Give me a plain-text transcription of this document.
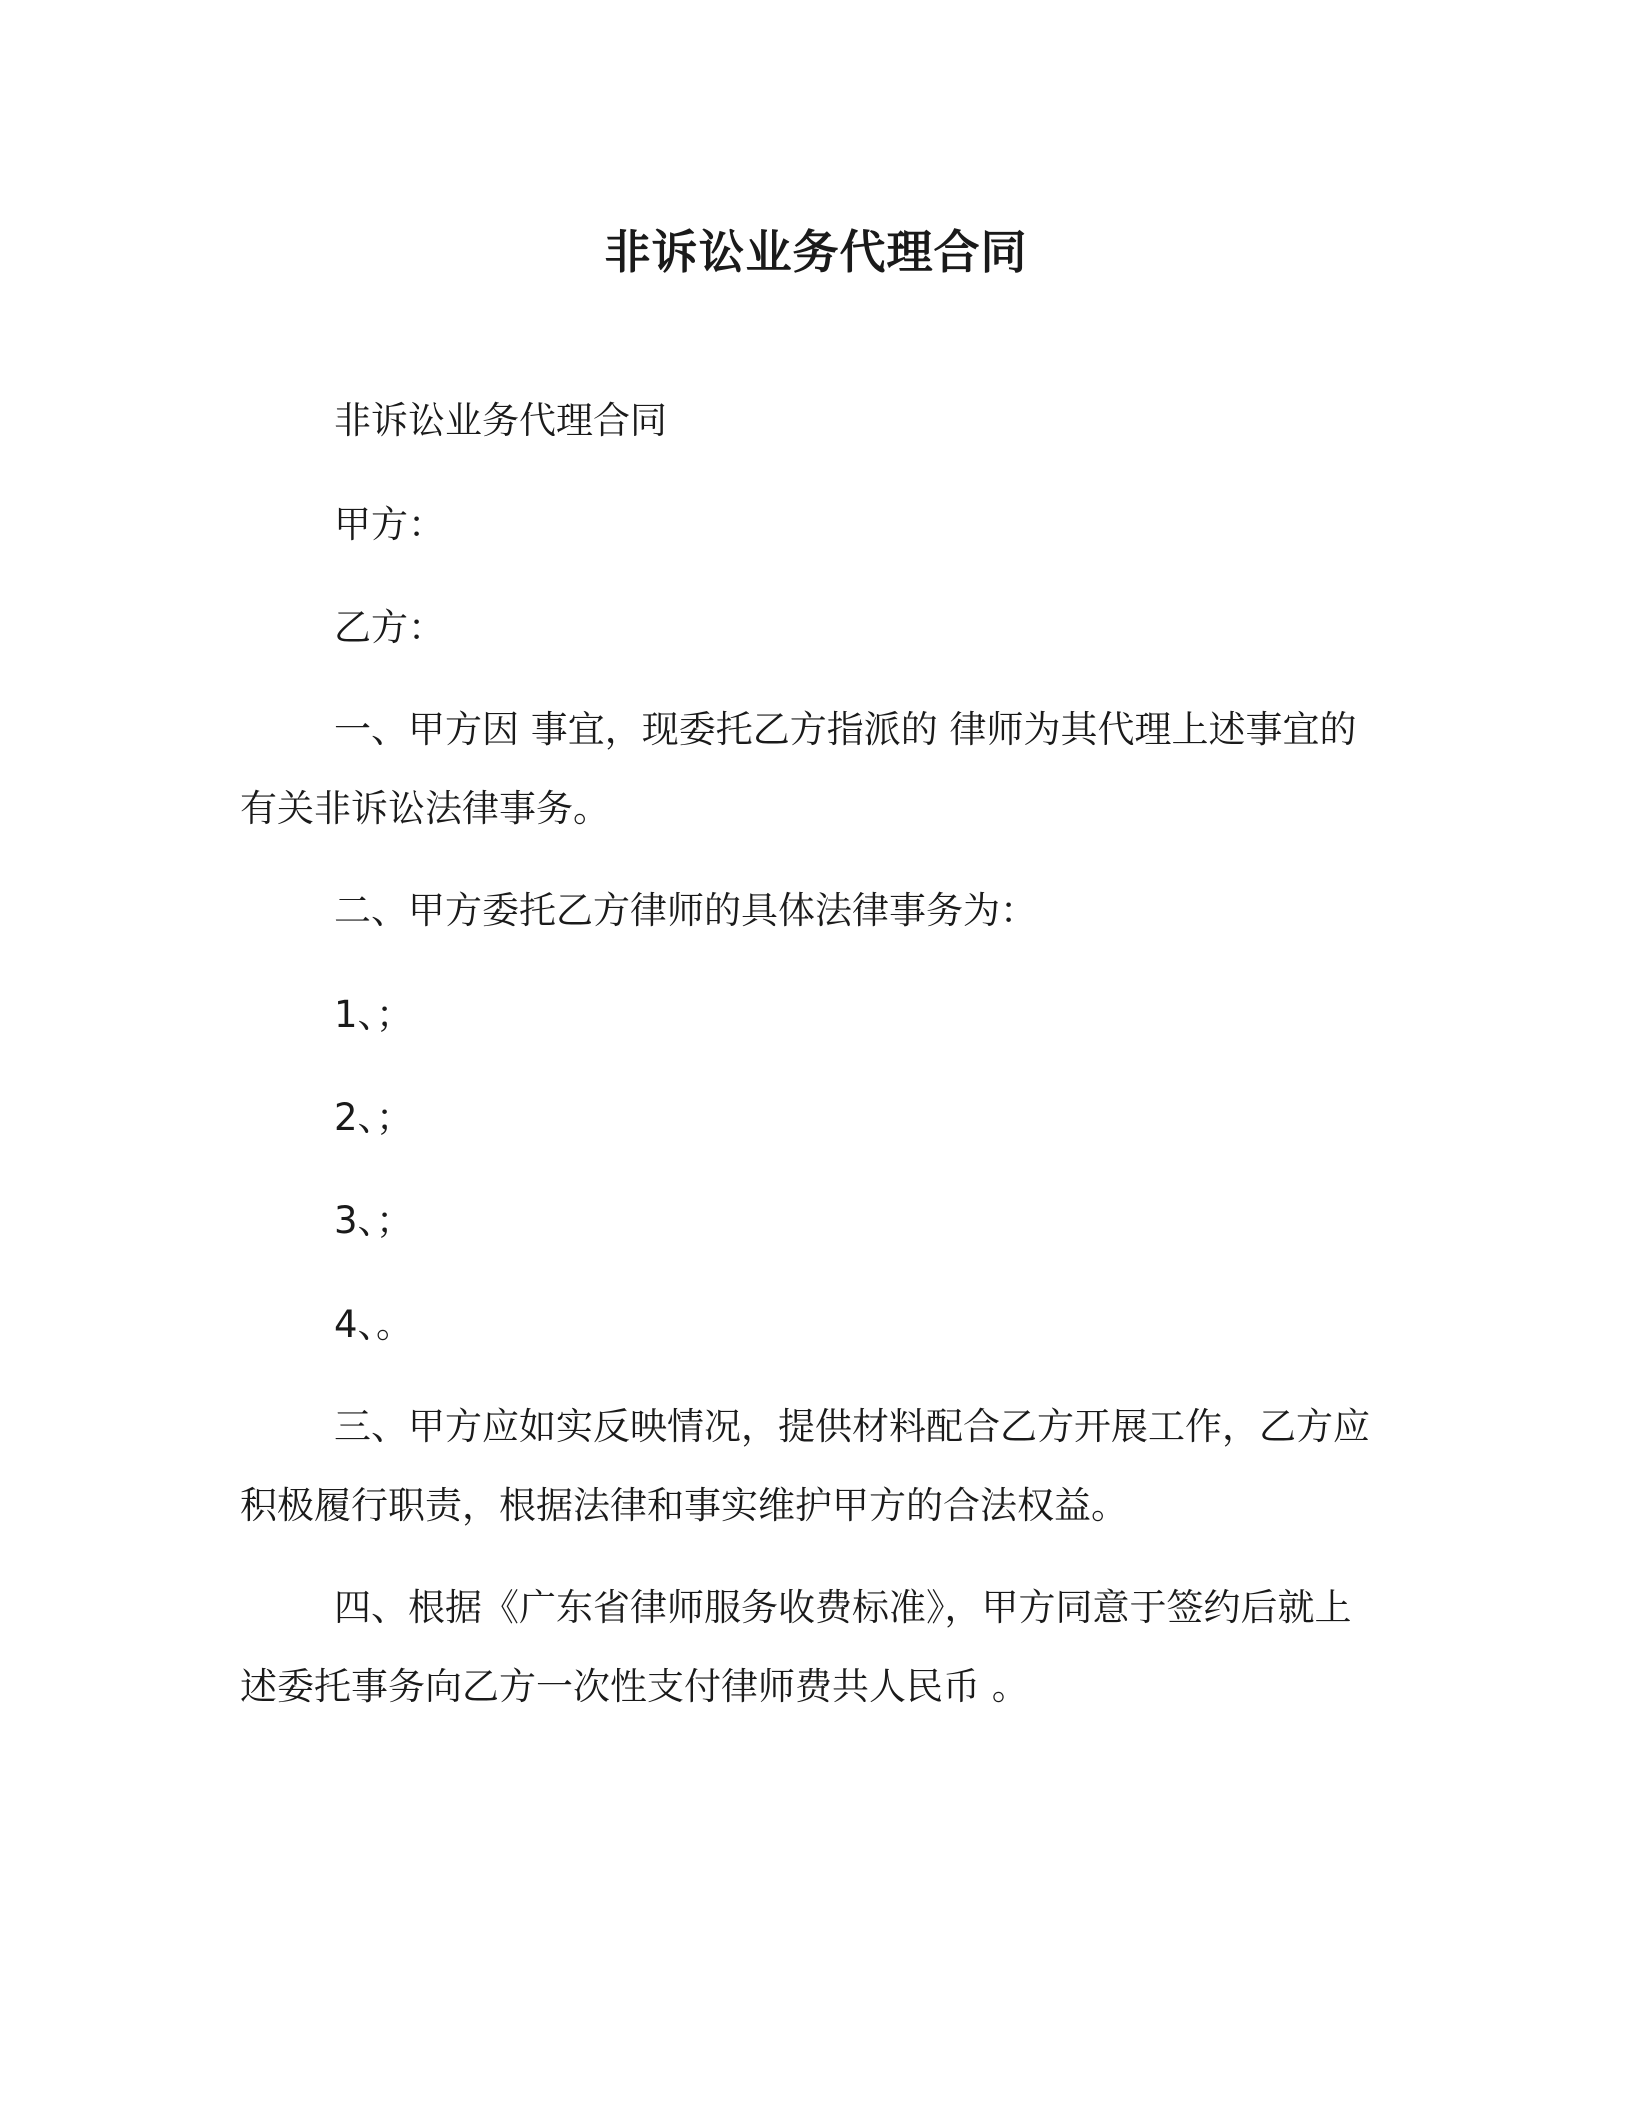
非诉讼业务代理合同

非诉讼业务代理合同

甲方：

乙方：

一、甲方因 事宜，现委托乙方指派的 律师为其代理上述事宜的

有关非诉讼法律事务。

二、甲方委托乙方律师的具体法律事务为：

1、；

2、；

3、；

4、。

三、甲方应如实反映情况，提供材料配合乙方开展工作，乙方应

积极履行职责，根据法律和事实维护甲方的合法权益。

四、根据《广东省律师服务收费标准》，甲方同意于签约后就上

述委托事务向乙方一次性支付律师费共人民币 。
